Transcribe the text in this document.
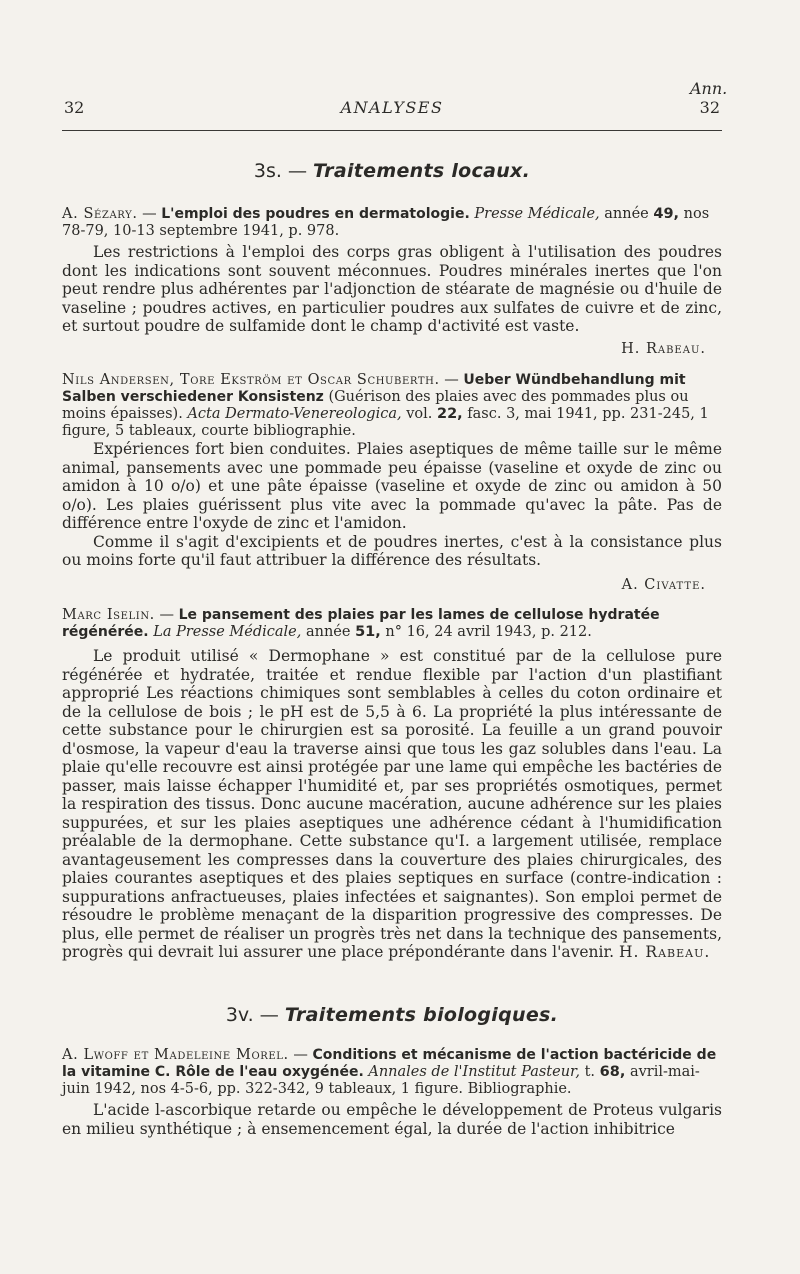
Ann.
32	ANALYSES	32
3s. — Traitements locaux.
A. Sézary. — L'emploi des poudres en dermatologie. Presse Médicale, année 49, nos 78-79, 10-13 septembre 1941, p. 978.

Les restrictions à l'emploi des corps gras obligent à l'utilisation des poudres dont les indications sont souvent méconnues. Poudres minérales inertes que l'on peut rendre plus adhérentes par l'adjonction de stéarate de magnésie ou d'huile de vaseline ; poudres actives, en particulier poudres aux sulfates de cuivre et de zinc, et surtout poudre de sulfamide dont le champ d'activité est vaste.

H. Rabeau.
Nils Andersen, Tore Ekström et Oscar Schuberth. — Ueber Wündbehandlung mit Salben verschiedener Konsistenz (Guérison des plaies avec des pommades plus ou moins épaisses). Acta Dermato-Venereologica, vol. 22, fasc. 3, mai 1941, pp. 231-245, 1 figure, 5 tableaux, courte bibliographie.

Expériences fort bien conduites. Plaies aseptiques de même taille sur le même animal, pansements avec une pommade peu épaisse (vaseline et oxyde de zinc ou amidon à 10 o/o) et une pâte épaisse (vaseline et oxyde de zinc ou amidon à 50 o/o). Les plaies guérissent plus vite avec la pommade qu'avec la pâte. Pas de différence entre l'oxyde de zinc et l'amidon.

Comme il s'agit d'excipients et de poudres inertes, c'est à la consistance plus ou moins forte qu'il faut attribuer la différence des résultats.

A. Civatte.
Marc Iselin. — Le pansement des plaies par les lames de cellulose hydratée régénérée. La Presse Médicale, année 51, n° 16, 24 avril 1943, p. 212.

Le produit utilisé « Dermophane » est constitué par de la cellulose pure régénérée et hydratée, traitée et rendue flexible par l'action d'un plastifiant approprié Les réactions chimiques sont semblables à celles du coton ordinaire et de la cellulose de bois ; le pH est de 5,5 à 6. La propriété la plus intéressante de cette substance pour le chirurgien est sa porosité. La feuille a un grand pouvoir d'osmose, la vapeur d'eau la traverse ainsi que tous les gaz solubles dans l'eau. La plaie qu'elle recouvre est ainsi protégée par une lame qui empêche les bactéries de passer, mais laisse échapper l'humidité et, par ses propriétés osmotiques, permet la respiration des tissus. Donc aucune macération, aucune adhérence sur les plaies suppurées, et sur les plaies aseptiques une adhérence cédant à l'humidification préalable de la dermophane. Cette substance qu'I. a largement utilisée, remplace avantageusement les compresses dans la couverture des plaies chirurgicales, des plaies courantes aseptiques et des plaies septiques en surface (contre-indication : suppurations anfractueuses, plaies infectées et saignantes). Son emploi permet de résoudre le problème menaçant de la disparition progressive des compresses. De plus, elle permet de réaliser un progrès très net dans la technique des pansements, progrès qui devrait lui assurer une place prépondérante dans l'avenir. H. Rabeau.

3v. — Traitements biologiques.
A. Lwoff et Madeleine Morel. — Conditions et mécanisme de l'action bactéricide de la vitamine C. Rôle de l'eau oxygénée. Annales de l'Institut Pasteur, t. 68, avril-mai-juin 1942, nos 4-5-6, pp. 322-342, 9 tableaux, 1 figure. Bibliographie.

L'acide l-ascorbique retarde ou empêche le développement de Proteus vulgaris en milieu synthétique ; à ensemencement égal, la durée de l'action inhibitrice
